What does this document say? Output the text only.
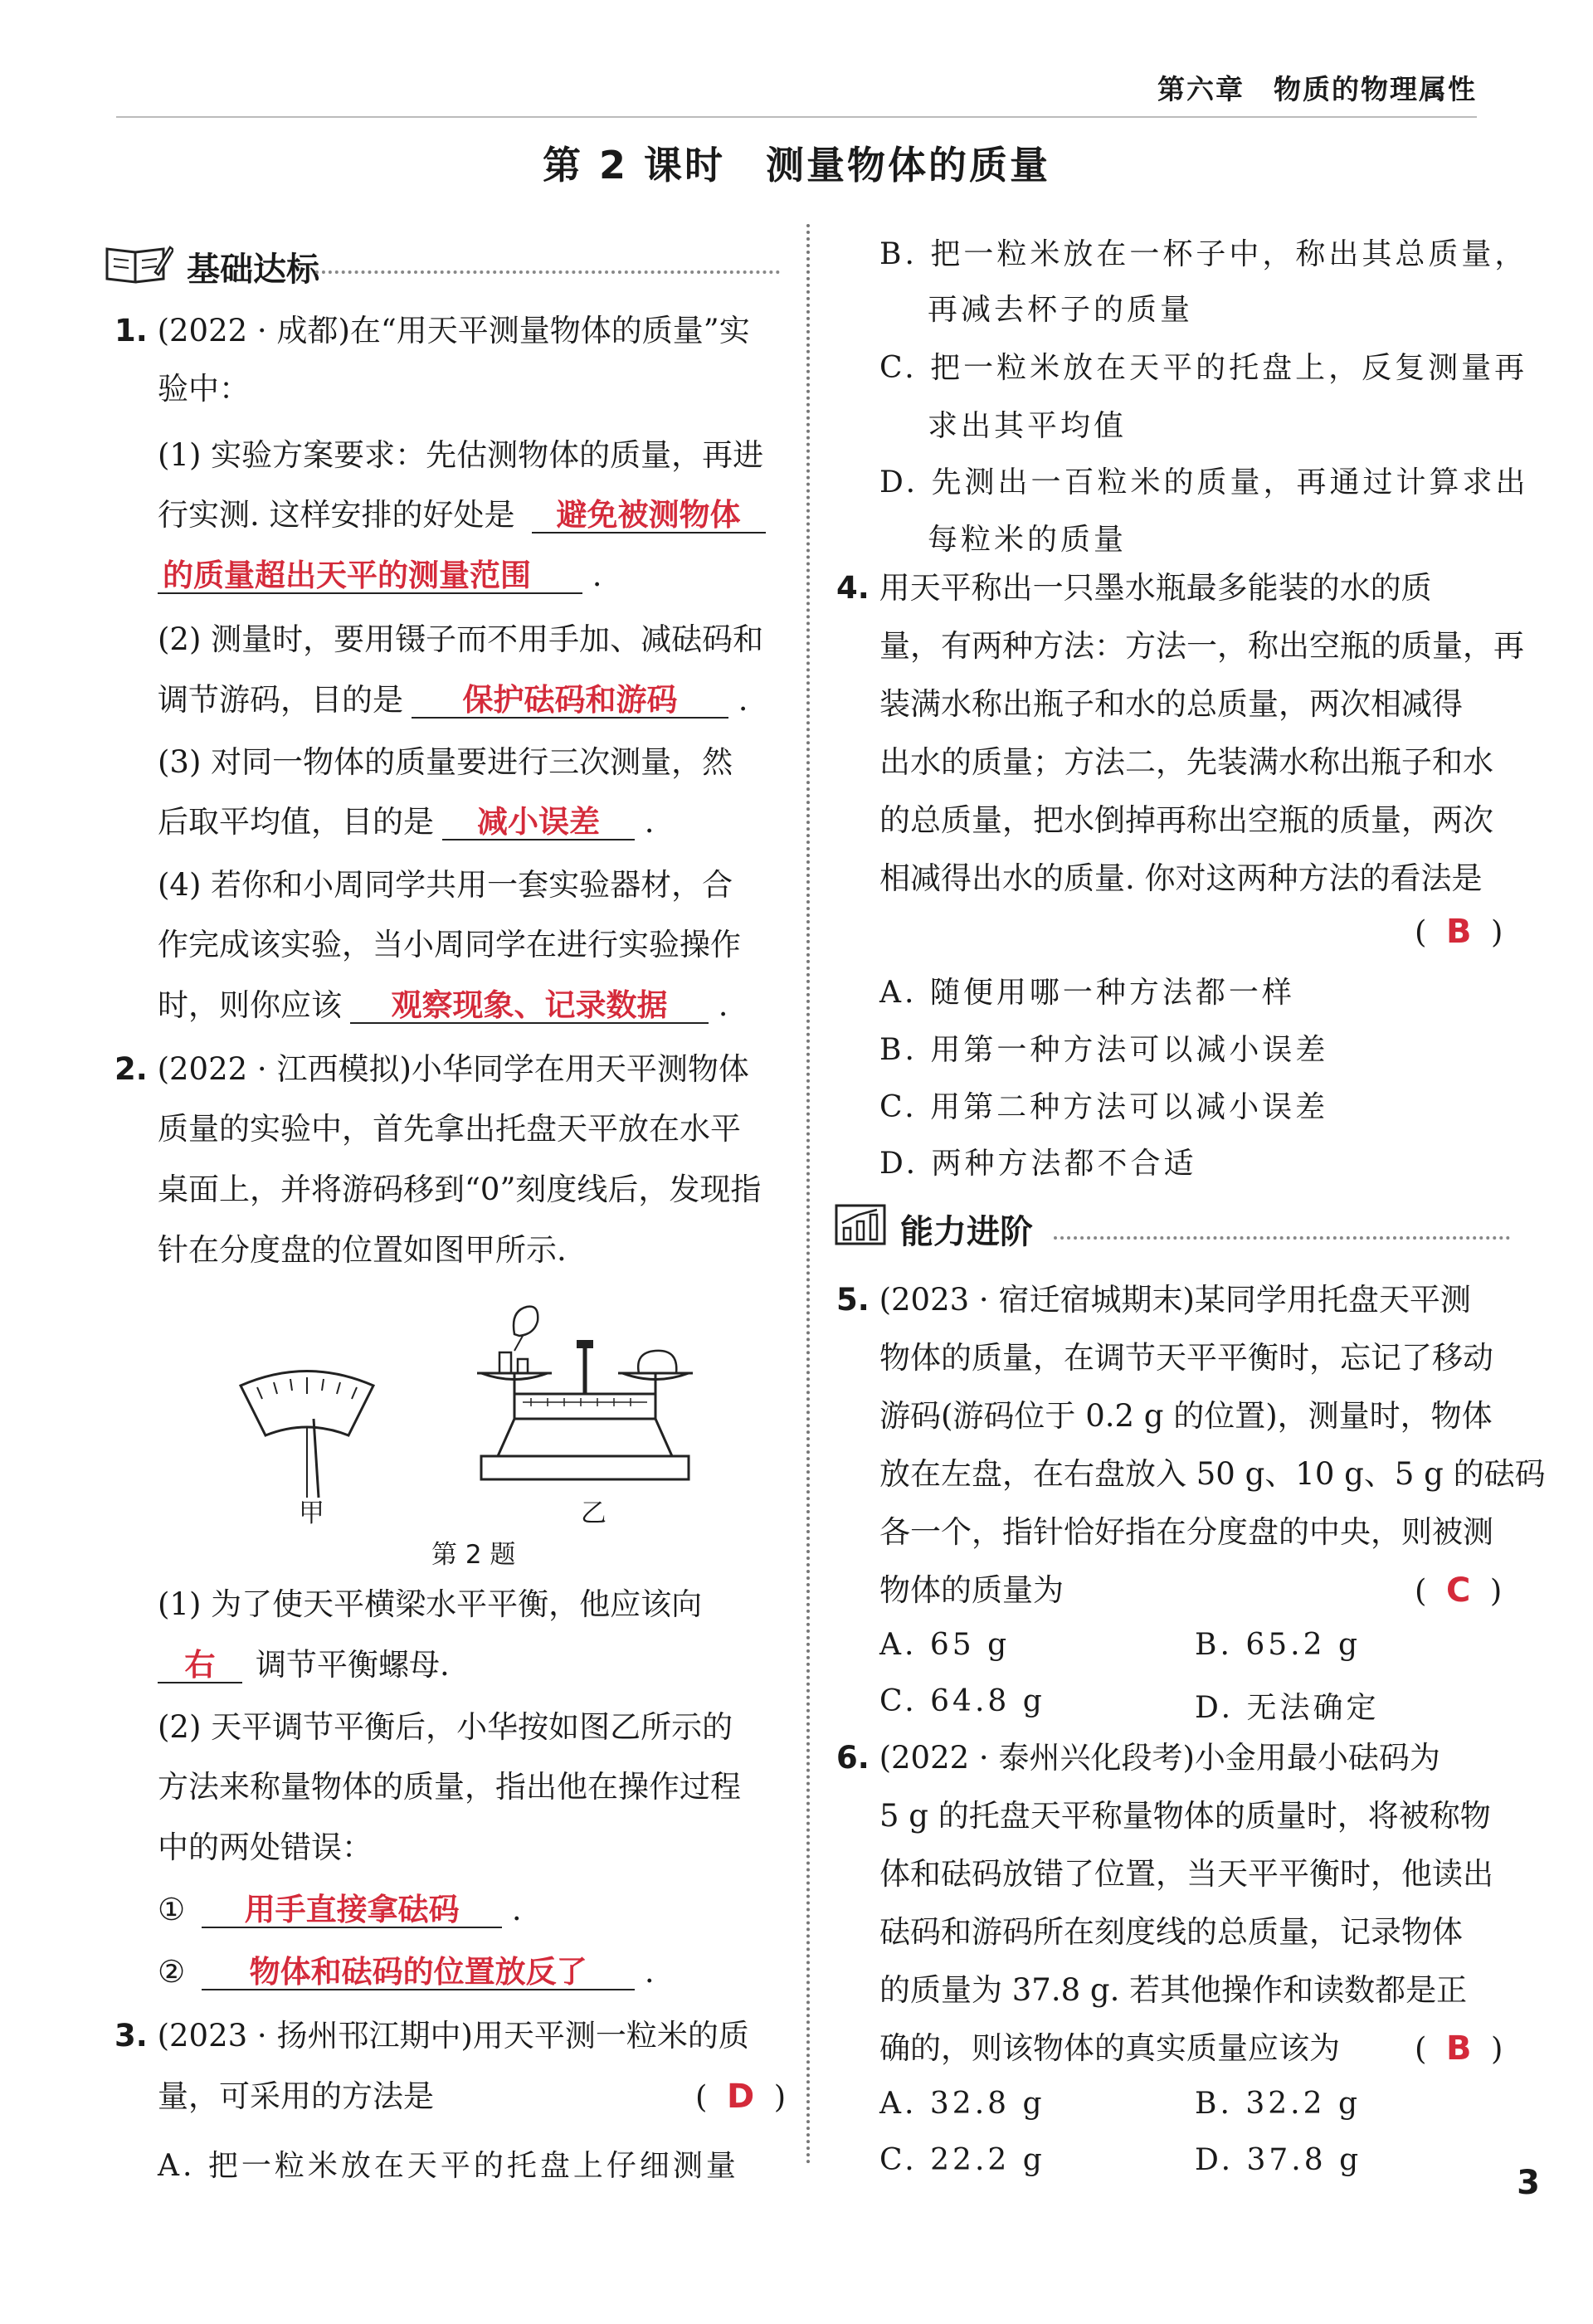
第六章　物质的物理属性
第 2 课时　测量物体的质量
基础达标
1. (2022 · 成都)在“用天平测量物体的质量”实
验中：
(1) 实验方案要求：先估测物体的质量，再进
行实测. 这样安排的好处是 避免被测物体
的质量超出天平的测量范围 .
(2) 测量时，要用镊子而不用手加、减砝码和
调节游码，目的是 保护砝码和游码 .
(3) 对同一物体的质量要进行三次测量，然
后取平均值，目的是 减小误差 .
(4) 若你和小周同学共用一套实验器材，合
作完成该实验，当小周同学在进行实验操作
时，则你应该 观察现象、记录数据 .
2. (2022 · 江西模拟)小华同学在用天平测物体
质量的实验中，首先拿出托盘天平放在水平
桌面上，并将游码移到“0”刻度线后，发现指
针在分度盘的位置如图甲所示.
甲	乙
第 2 题
(1) 为了使天平横梁水平平衡，他应该向
右 调节平衡螺母.
(2) 天平调节平衡后，小华按如图乙所示的
方法来称量物体的质量，指出他在操作过程
中的两处错误：
① 用手直接拿砝码 .
② 物体和砝码的位置放反了 .
3. (2023 · 扬州邗江期中)用天平测一粒米的质
量，可采用的方法是	(  D  )
A. 把一粒米放在天平的托盘上仔细测量
B. 把一粒米放在一杯子中，称出其总质量，
再减去杯子的质量
C. 把一粒米放在天平的托盘上，反复测量再
求出其平均值
D. 先测出一百粒米的质量，再通过计算求出
每粒米的质量
4. 用天平称出一只墨水瓶最多能装的水的质
量，有两种方法：方法一，称出空瓶的质量，再
装满水称出瓶子和水的总质量，两次相减得
出水的质量；方法二，先装满水称出瓶子和水
的总质量，把水倒掉再称出空瓶的质量，两次
相减得出水的质量. 你对这两种方法的看法是
(  B  )
A. 随便用哪一种方法都一样
B. 用第一种方法可以减小误差
C. 用第二种方法可以减小误差
D. 两种方法都不合适
能力进阶
5. (2023 · 宿迁宿城期末)某同学用托盘天平测
物体的质量，在调节天平平衡时，忘记了移动
游码(游码位于 0.2 g 的位置)，测量时，物体
放在左盘，在右盘放入 50 g、10 g、5 g 的砝码
各一个，指针恰好指在分度盘的中央，则被测
物体的质量为	(  C  )
A. 65 g	B. 65.2 g
C. 64.8 g	D. 无法确定
6. (2022 · 泰州兴化段考)小金用最小砝码为
5 g 的托盘天平称量物体的质量时，将被称物
体和砝码放错了位置，当天平平衡时，他读出
砝码和游码所在刻度线的总质量，记录物体
的质量为 37.8 g. 若其他操作和读数都是正
确的，则该物体的真实质量应该为 (  B  )
A. 32.8 g	B. 32.2 g
C. 22.2 g	D. 37.8 g
3
